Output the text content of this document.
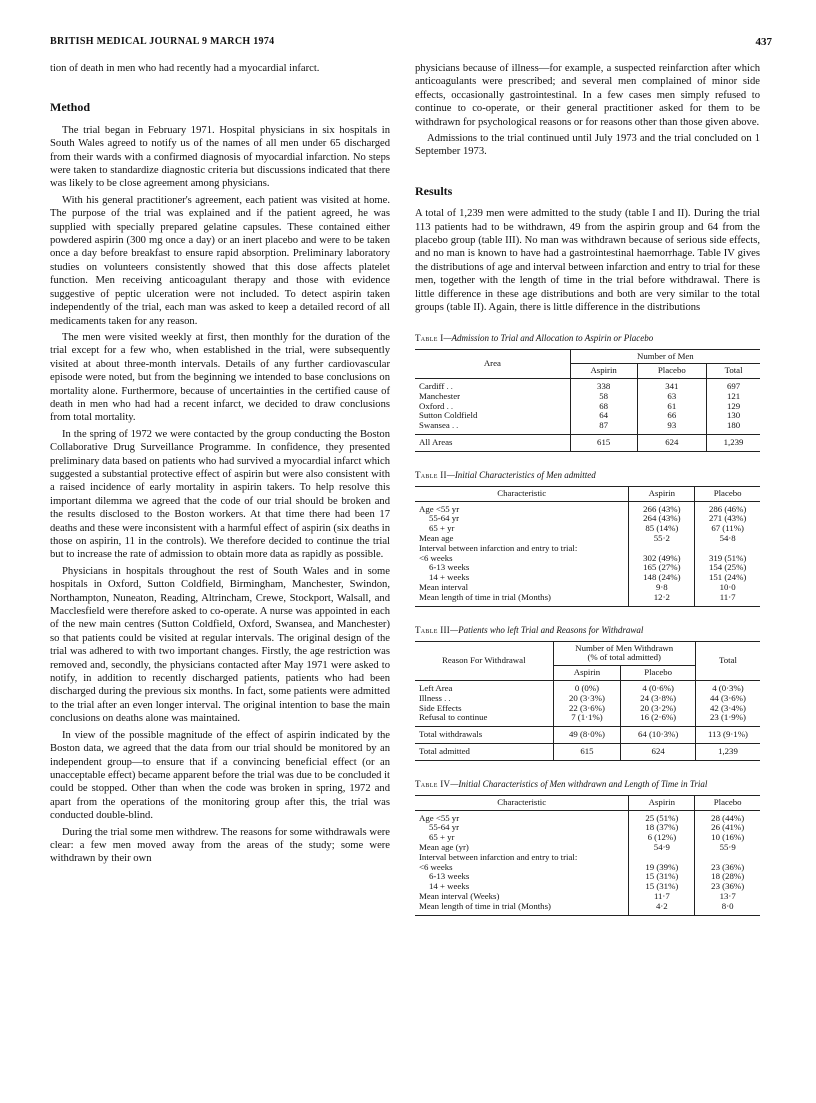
BRITISH MEDICAL JOURNAL 9 MARCH 1974	437

tion of death in men who had recently had a myocardial infarct.

Method

The trial began in February 1971. Hospital physicians in six hospitals in South Wales agreed to notify us of the names of all men under 65 discharged from their wards with a confirmed diagnosis of myocardial infarction. No steps were taken to standardize diagnostic criteria but discussions indicated that there was likely to be close agreement among physicians.

With his general practitioner's agreement, each patient was visited at home. The purpose of the trial was explained and if the patient agreed, he was supplied with specially prepared gelatine capsules. These contained either powdered aspirin (300 mg once a day) or an inert placebo and were to be taken once a day before breakfast to ensure rapid absorption. Preliminary laboratory studies on volunteers consistently showed that this dose affects platelet function. Men receiving anticoagulant therapy and those with evidence suggestive of peptic ulceration were not included. To detect aspirin taken independently of the trial, each man was asked to keep a detailed record of all medicaments taken for any reason.

The men were visited weekly at first, then monthly for the duration of the trial except for a few who, when established in the trial, were subsequently visited at about three-month intervals. Details of any further cardiovascular episode were noted, but from the beginning we intended to base conclusions on mortality alone. Furthermore, because of uncertainties in the certified cause of death in men who had had a recent infarct, we decided to draw conclusions from total mortality.

In the spring of 1972 we were contacted by the group conducting the Boston Collaborative Drug Surveillance Programme. In confidence, they presented preliminary data based on patients who had survived a myocardial infarct which suggested a substantial protective effect of aspirin but were also consistent with a raised incidence of early mortality in aspirin takers. To help resolve this important dilemma we agreed that the code of our trial should be broken and the results disclosed to the Boston workers. At that time there had been 17 deaths and these were inconsistent with a harmful effect of aspirin (six deaths in those on aspirin, 11 in the controls). We therefore decided to continue the trial but to increase the rate of admission to obtain more data as rapidly as possible.

Physicians in hospitals throughout the rest of South Wales and in some hospitals in Oxford, Sutton Coldfield, Birmingham, Manchester, Swindon, Northampton, Nuneaton, Reading, Altrincham, Crewe, Stockport, Walsall, and Macclesfield were therefore asked to co-operate. A nurse was appointed in each of the new main centres (Sutton Coldfield, Oxford, Swansea, and Manchester) so that patients could be visited at regular intervals. The original design of the trial was adhered to with two important changes. Firstly, the age restriction was removed and, secondly, the physicians contacted after May 1971 were asked to notify, in addition to recently discharged patients, patients who had been discharged during the previous six months. In fact, some patients were admitted to the trial after an even longer interval. The original intention to base the main conclusions on deaths alone was maintained.

In view of the possible magnitude of the effect of aspirin indicated by the Boston data, we agreed that the data from our trial should be monitored by an independent group—to ensure that if a convincing beneficial effect (or an unacceptable effect) became apparent before the trial was due to be concluded it could be stopped. Other than when the code was broken in spring, 1972 and apart from the operations of the monitoring group after this, the trial was conducted double-blind.

During the trial some men withdrew. The reasons for some withdrawals were clear: a few men moved away from the areas of the study; some were withdrawn by their own

physicians because of illness—for example, a suspected reinfarction after which anticoagulants were prescribed; and several men complained of minor side effects, occasionally gastrointestinal. In a few cases men simply refused to continue to co-operate, or their general practitioner asked for them to be withdrawn for psychological reasons or for reasons other than those given above.

Admissions to the trial continued until July 1973 and the trial concluded on 1 September 1973.

Results

A total of 1,239 men were admitted to the study (table I and II). During the trial 113 patients had to be withdrawn, 49 from the aspirin group and 64 from the placebo group (table III). No man was withdrawn because of serious side effects, and no man is known to have had a gastrointestinal haemorrhage. Table IV gives the distributions of age and interval between infarction and entry to trial for these men, together with the length of time in the trial before withdrawal. There is little difference in these age distributions and both are very similar to the total groups (table II). Again, there is little difference in the distributions

Table I—Admission to Trial and Allocation to Aspirin or Placebo
Area	Number of Men		
	Aspirin	Placebo	Total
Cardiff ..	338	341	697
Manchester	58	63	121
Oxford ..	68	61	129
Sutton Coldfield	64	66	130
Swansea ..	87	93	180
All Areas	615	624	1,239
Table II—Initial Characteristics of Men admitted
Characteristic	Aspirin	Placebo
Age <55 yr	266 (43%)	286 (46%)
55-64 yr	264 (43%)	271 (43%)
65 + yr	85 (14%)	67 (11%)
Mean age	55·2	54·8
Interval between infarction and entry to trial:		
<6 weeks	302 (49%)	319 (51%)
6-13 weeks	165 (27%)	154 (25%)
14 + weeks	148 (24%)	151 (24%)
Mean interval	9·8	10·0
Mean length of time in trial (Months)	12·2	11·7
Table III—Patients who left Trial and Reasons for Withdrawal
Reason For Withdrawal	Number of Men Withdrawn
(% of total admitted)		Total
	Aspirin	Placebo	
Left Area	0 (0%)	4 (0·6%)	4 (0·3%)
Illness ..	20 (3·3%)	24 (3·8%)	44 (3·6%)
Side Effects	22 (3·6%)	20 (3·2%)	42 (3·4%)
Refusal to continue	7 (1·1%)	16 (2·6%)	23 (1·9%)
Total withdrawals	49 (8·0%)	64 (10·3%)	113 (9·1%)
Total admitted	615	624	1,239
Table IV—Initial Characteristics of Men withdrawn and Length of Time in Trial
Characteristic	Aspirin	Placebo
Age <55 yr	25 (51%)	28 (44%)
55-64 yr	18 (37%)	26 (41%)
65 + yr	6 (12%)	10 (16%)
Mean age (yr)	54·9	55·9
Interval between infarction and entry to trial:		
<6 weeks	19 (39%)	23 (36%)
6-13 weeks	15 (31%)	18 (28%)
14 + weeks	15 (31%)	23 (36%)
Mean interval (Weeks)	11·7	13·7
Mean length of time in trial (Months)	4·2	8·0
